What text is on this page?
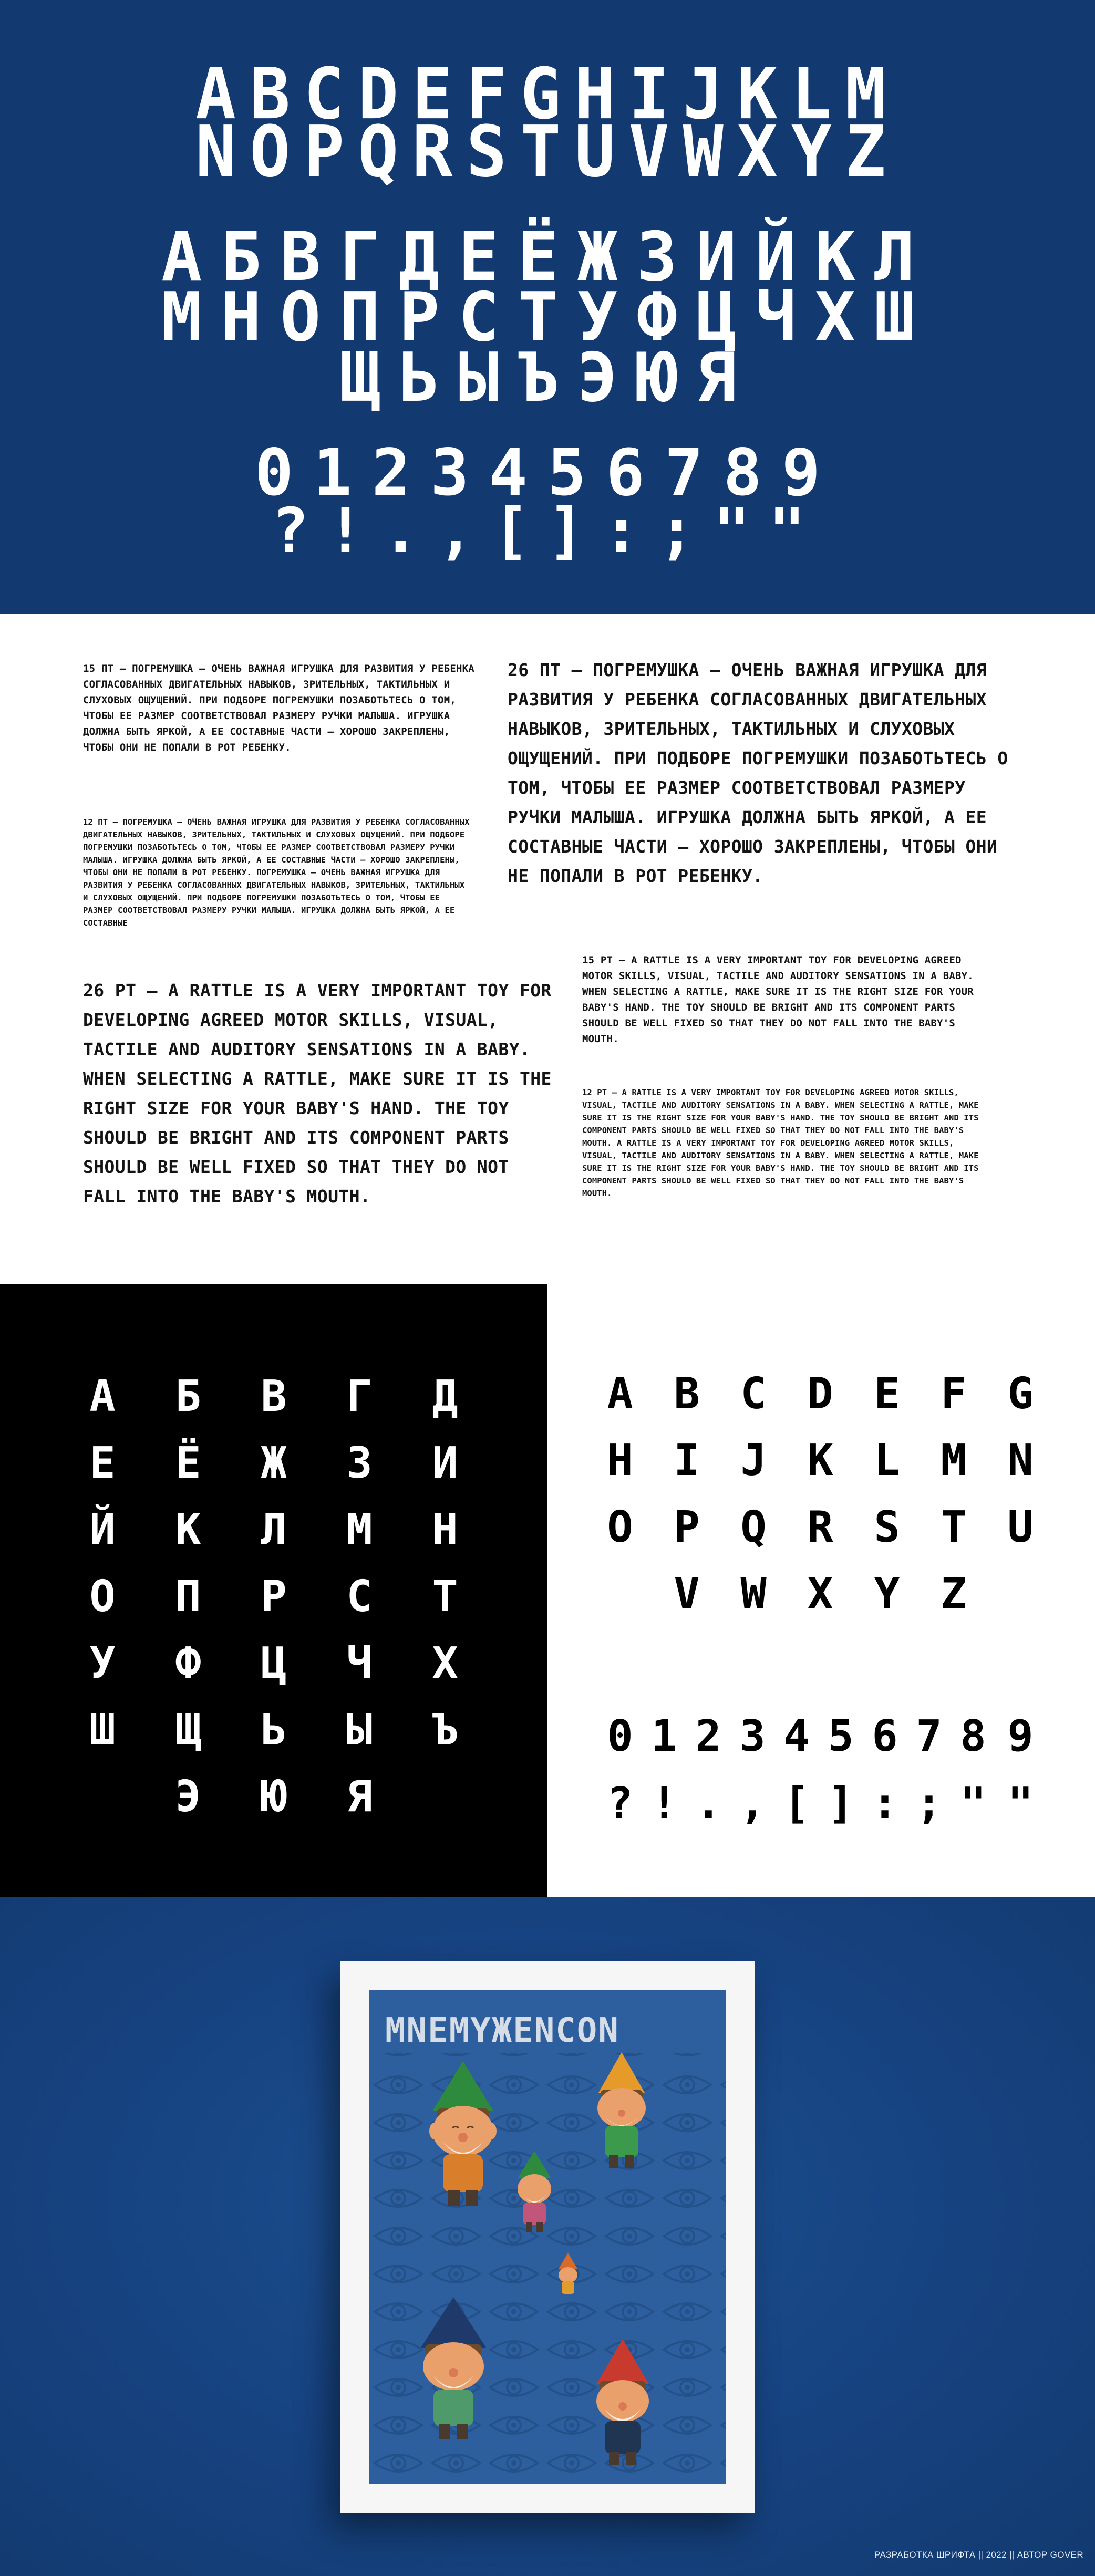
ABCDEFGHIJKLM
NOPQRSTUVWXYZ
АБВГДЕЁЖЗИЙКЛ
МНОПРСТУФЦЧХШ
ЩЬЫЪЭЮЯ
0123456789
?!.,[]:;""

15 ПТ – ПОГРЕМУШКА – ОЧЕНЬ ВАЖНАЯ ИГРУШКА ДЛЯ РАЗВИТИЯ У РЕБЕНКА СОГЛАСОВАННЫХ ДВИГАТЕЛЬНЫХ НАВЫКОВ, ЗРИТЕЛЬНЫХ, ТАКТИЛЬНЫХ И СЛУХОВЫХ ОЩУЩЕНИЙ. ПРИ ПОДБОРЕ ПОГРЕМУШКИ ПОЗАБОТЬТЕСЬ О ТОМ, ЧТОБЫ ЕЕ РАЗМЕР СООТВЕТСТВОВАЛ РАЗМЕРУ РУЧКИ МАЛЫША. ИГРУШКА ДОЛЖНА БЫТЬ ЯРКОЙ, А ЕЕ СОСТАВНЫЕ ЧАСТИ – ХОРОШО ЗАКРЕПЛЕНЫ, ЧТОБЫ ОНИ НЕ ПОПАЛИ В РОТ РЕБЕНКУ.

12 ПТ – ПОГРЕМУШКА – ОЧЕНЬ ВАЖНАЯ ИГРУШКА ДЛЯ РАЗВИТИЯ У РЕБЕНКА СОГЛАСОВАННЫХ ДВИГАТЕЛЬНЫХ НАВЫКОВ, ЗРИТЕЛЬНЫХ, ТАКТИЛЬНЫХ И СЛУХОВЫХ ОЩУЩЕНИЙ. ПРИ ПОДБОРЕ ПОГРЕМУШКИ ПОЗАБОТЬТЕСЬ О ТОМ, ЧТОБЫ ЕЕ РАЗМЕР СООТВЕТСТВОВАЛ РАЗМЕРУ РУЧКИ МАЛЫША. ИГРУШКА ДОЛЖНА БЫТЬ ЯРКОЙ, А ЕЕ СОСТАВНЫЕ ЧАСТИ – ХОРОШО ЗАКРЕПЛЕНЫ, ЧТОБЫ ОНИ НЕ ПОПАЛИ В РОТ РЕБЕНКУ. ПОГРЕМУШКА – ОЧЕНЬ ВАЖНАЯ ИГРУШКА ДЛЯ РАЗВИТИЯ У РЕБЕНКА СОГЛАСОВАННЫХ ДВИГАТЕЛЬНЫХ НАВЫКОВ, ЗРИТЕЛЬНЫХ, ТАКТИЛЬНЫХ И СЛУХОВЫХ ОЩУЩЕНИЙ. ПРИ ПОДБОРЕ ПОГРЕМУШКИ ПОЗАБОТЬТЕСЬ О ТОМ, ЧТОБЫ ЕЕ РАЗМЕР СООТВЕТСТВОВАЛ РАЗМЕРУ РУЧКИ МАЛЫША. ИГРУШКА ДОЛЖНА БЫТЬ ЯРКОЙ, А ЕЕ СОСТАВНЫЕ

26 ПТ – ПОГРЕМУШКА – ОЧЕНЬ ВАЖНАЯ ИГРУШКА ДЛЯ РАЗВИТИЯ У РЕБЕНКА СОГЛАСОВАННЫХ ДВИГАТЕЛЬНЫХ НАВЫКОВ, ЗРИТЕЛЬНЫХ, ТАКТИЛЬНЫХ И СЛУХОВЫХ ОЩУЩЕНИЙ. ПРИ ПОДБОРЕ ПОГРЕМУШКИ ПОЗАБОТЬТЕСЬ О ТОМ, ЧТОБЫ ЕЕ РАЗМЕР СООТВЕТСТВОВАЛ РАЗМЕРУ РУЧКИ МАЛЫША. ИГРУШКА ДОЛЖНА БЫТЬ ЯРКОЙ, А ЕЕ СОСТАВНЫЕ ЧАСТИ – ХОРОШО ЗАКРЕПЛЕНЫ, ЧТОБЫ ОНИ НЕ ПОПАЛИ В РОТ РЕБЕНКУ.

26 PT – A RATTLE IS A VERY IMPORTANT TOY FOR DEVELOPING AGREED MOTOR SKILLS, VISUAL, TACTILE AND AUDITORY SENSATIONS IN A BABY. WHEN SELECTING A RATTLE, MAKE SURE IT IS THE RIGHT SIZE FOR YOUR BABY'S HAND. THE TOY SHOULD BE BRIGHT AND ITS COMPONENT PARTS SHOULD BE WELL FIXED SO THAT THEY DO NOT FALL INTO THE BABY'S MOUTH.

15 PT – A RATTLE IS A VERY IMPORTANT TOY FOR DEVELOPING AGREED MOTOR SKILLS, VISUAL, TACTILE AND AUDITORY SENSATIONS IN A BABY. WHEN SELECTING A RATTLE, MAKE SURE IT IS THE RIGHT SIZE FOR YOUR BABY'S HAND. THE TOY SHOULD BE BRIGHT AND ITS COMPONENT PARTS SHOULD BE WELL FIXED SO THAT THEY DO NOT FALL INTO THE BABY'S MOUTH.

12 PT – A RATTLE IS A VERY IMPORTANT TOY FOR DEVELOPING AGREED MOTOR SKILLS, VISUAL, TACTILE AND AUDITORY SENSATIONS IN A BABY. WHEN SELECTING A RATTLE, MAKE SURE IT IS THE RIGHT SIZE FOR YOUR BABY'S HAND. THE TOY SHOULD BE BRIGHT AND ITS COMPONENT PARTS SHOULD BE WELL FIXED SO THAT THEY DO NOT FALL INTO THE BABY'S MOUTH. A RATTLE IS A VERY IMPORTANT TOY FOR DEVELOPING AGREED MOTOR SKILLS, VISUAL, TACTILE AND AUDITORY SENSATIONS IN A BABY. WHEN SELECTING A RATTLE, MAKE SURE IT IS THE RIGHT SIZE FOR YOUR BABY'S HAND. THE TOY SHOULD BE BRIGHT AND ITS COMPONENT PARTS SHOULD BE WELL FIXED SO THAT THEY DO NOT FALL INTO THE BABY'S MOUTH.

А Б В Г Д
Е Ё Ж З И
Й К Л М Н
О П Р С Т
У Ф Ц Ч Х
Ш Щ Ь Ы Ъ
Э Ю Я
A B C D E F G
H I J K L M N
O P Q R S T U
V W X Y Z
0 1 2 3 4 5 6 7 8 9
? ! . , [ ] : ; " "
MNEMYЖENCON
РАЗРАБОТКА ШРИФТА || 2022 || АВТОР GOVER
